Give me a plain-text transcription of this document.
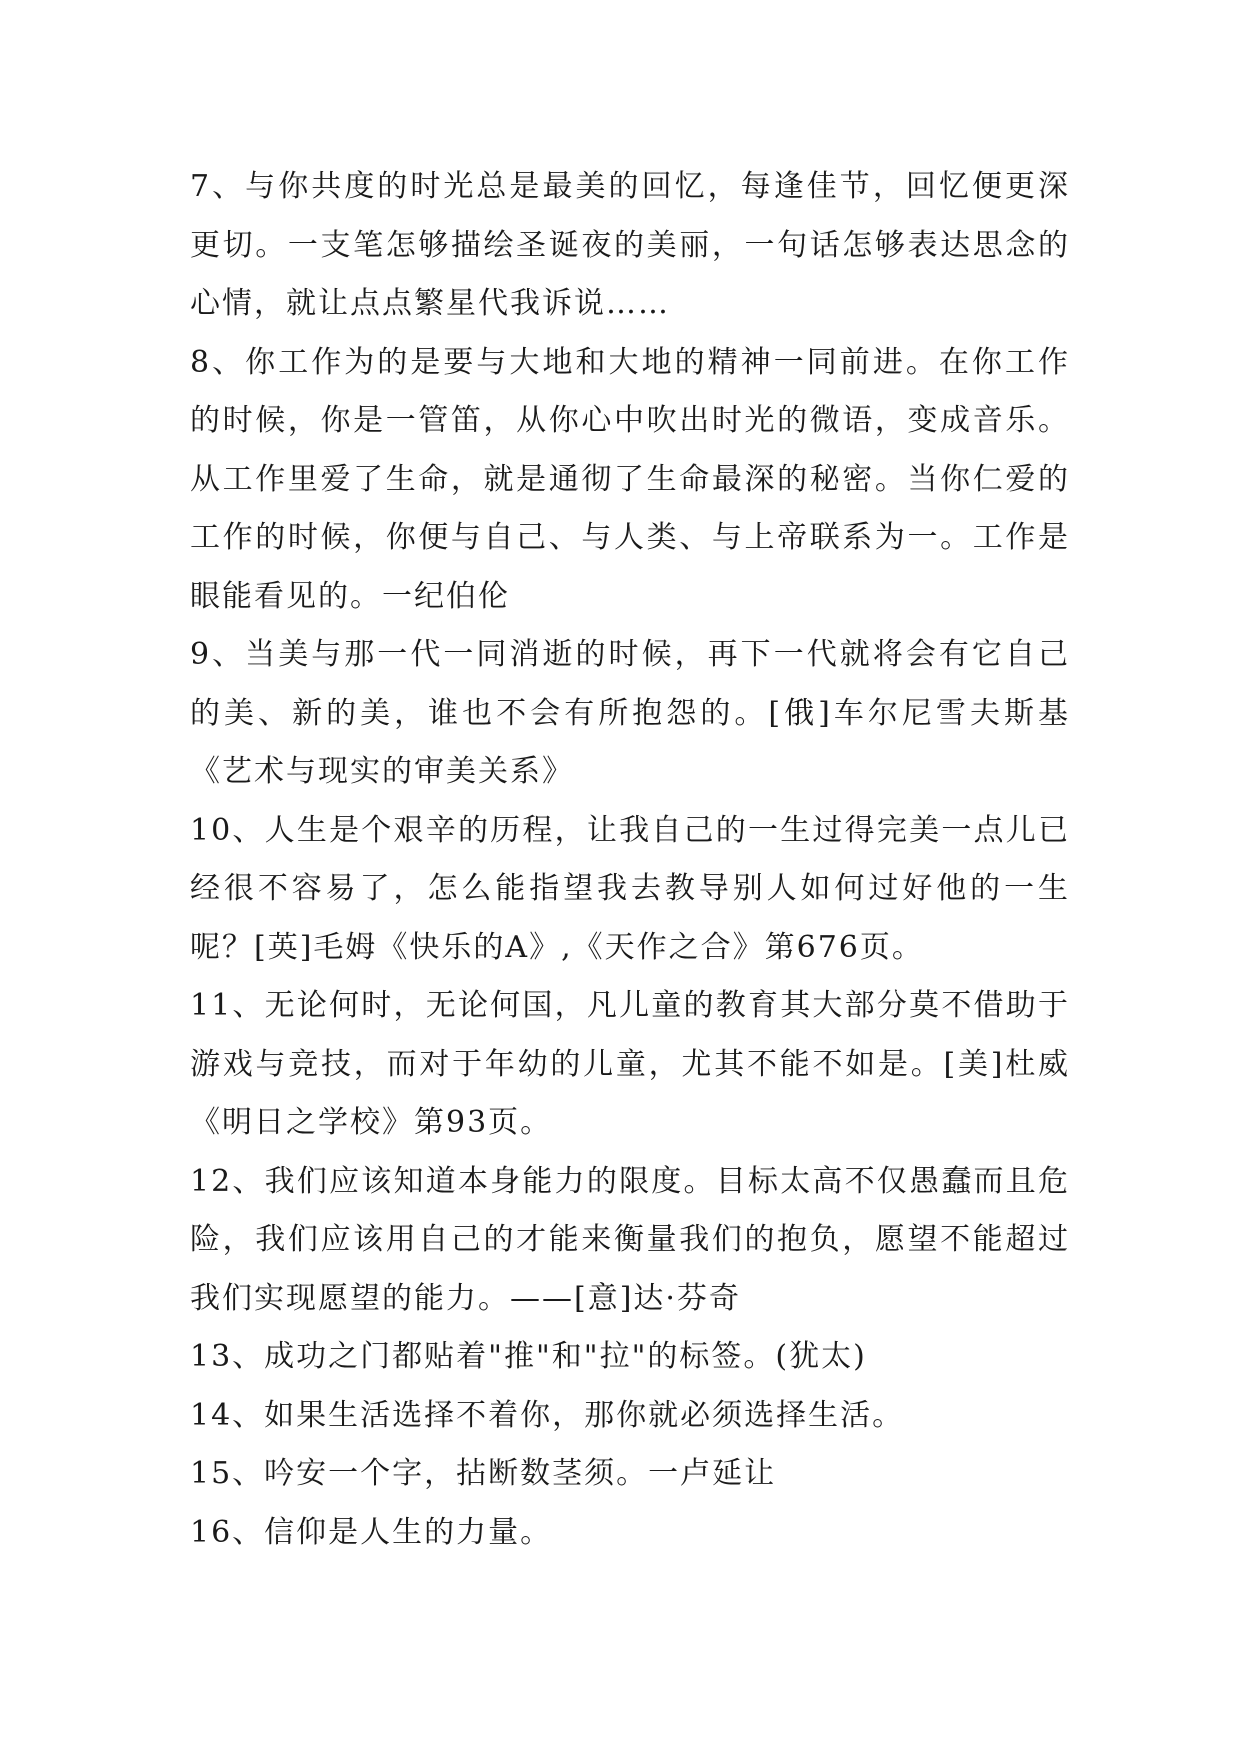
7、与你共度的时光总是最美的回忆，每逢佳节，回忆便更深更切。一支笔怎够描绘圣诞夜的美丽，一句话怎够表达思念的心情，就让点点繁星代我诉说……

8、你工作为的是要与大地和大地的精神一同前进。在你工作的时候，你是一管笛，从你心中吹出时光的微语，变成音乐。从工作里爱了生命，就是通彻了生命最深的秘密。当你仁爱的工作的时候，你便与自己、与人类、与上帝联系为一。工作是眼能看见的。一纪伯伦

9、当美与那一代一同消逝的时候，再下一代就将会有它自己的美、新的美，谁也不会有所抱怨的。[俄]车尔尼雪夫斯基《艺术与现实的审美关系》

10、人生是个艰辛的历程，让我自己的一生过得完美一点儿已经很不容易了，怎么能指望我去教导别人如何过好他的一生呢？[英]毛姆《快乐的A》,《天作之合》第676页。

11、无论何时，无论何国，凡儿童的教育其大部分莫不借助于游戏与竞技，而对于年幼的儿童，尤其不能不如是。[美]杜威《明日之学校》第93页。

12、我们应该知道本身能力的限度。目标太高不仅愚蠢而且危险，我们应该用自己的才能来衡量我们的抱负，愿望不能超过我们实现愿望的能力。——[意]达·芬奇

13、成功之门都贴着"推"和"拉"的标签。(犹太)

14、如果生活选择不着你，那你就必须选择生活。

15、吟安一个字，拈断数茎须。一卢延让

16、信仰是人生的力量。
